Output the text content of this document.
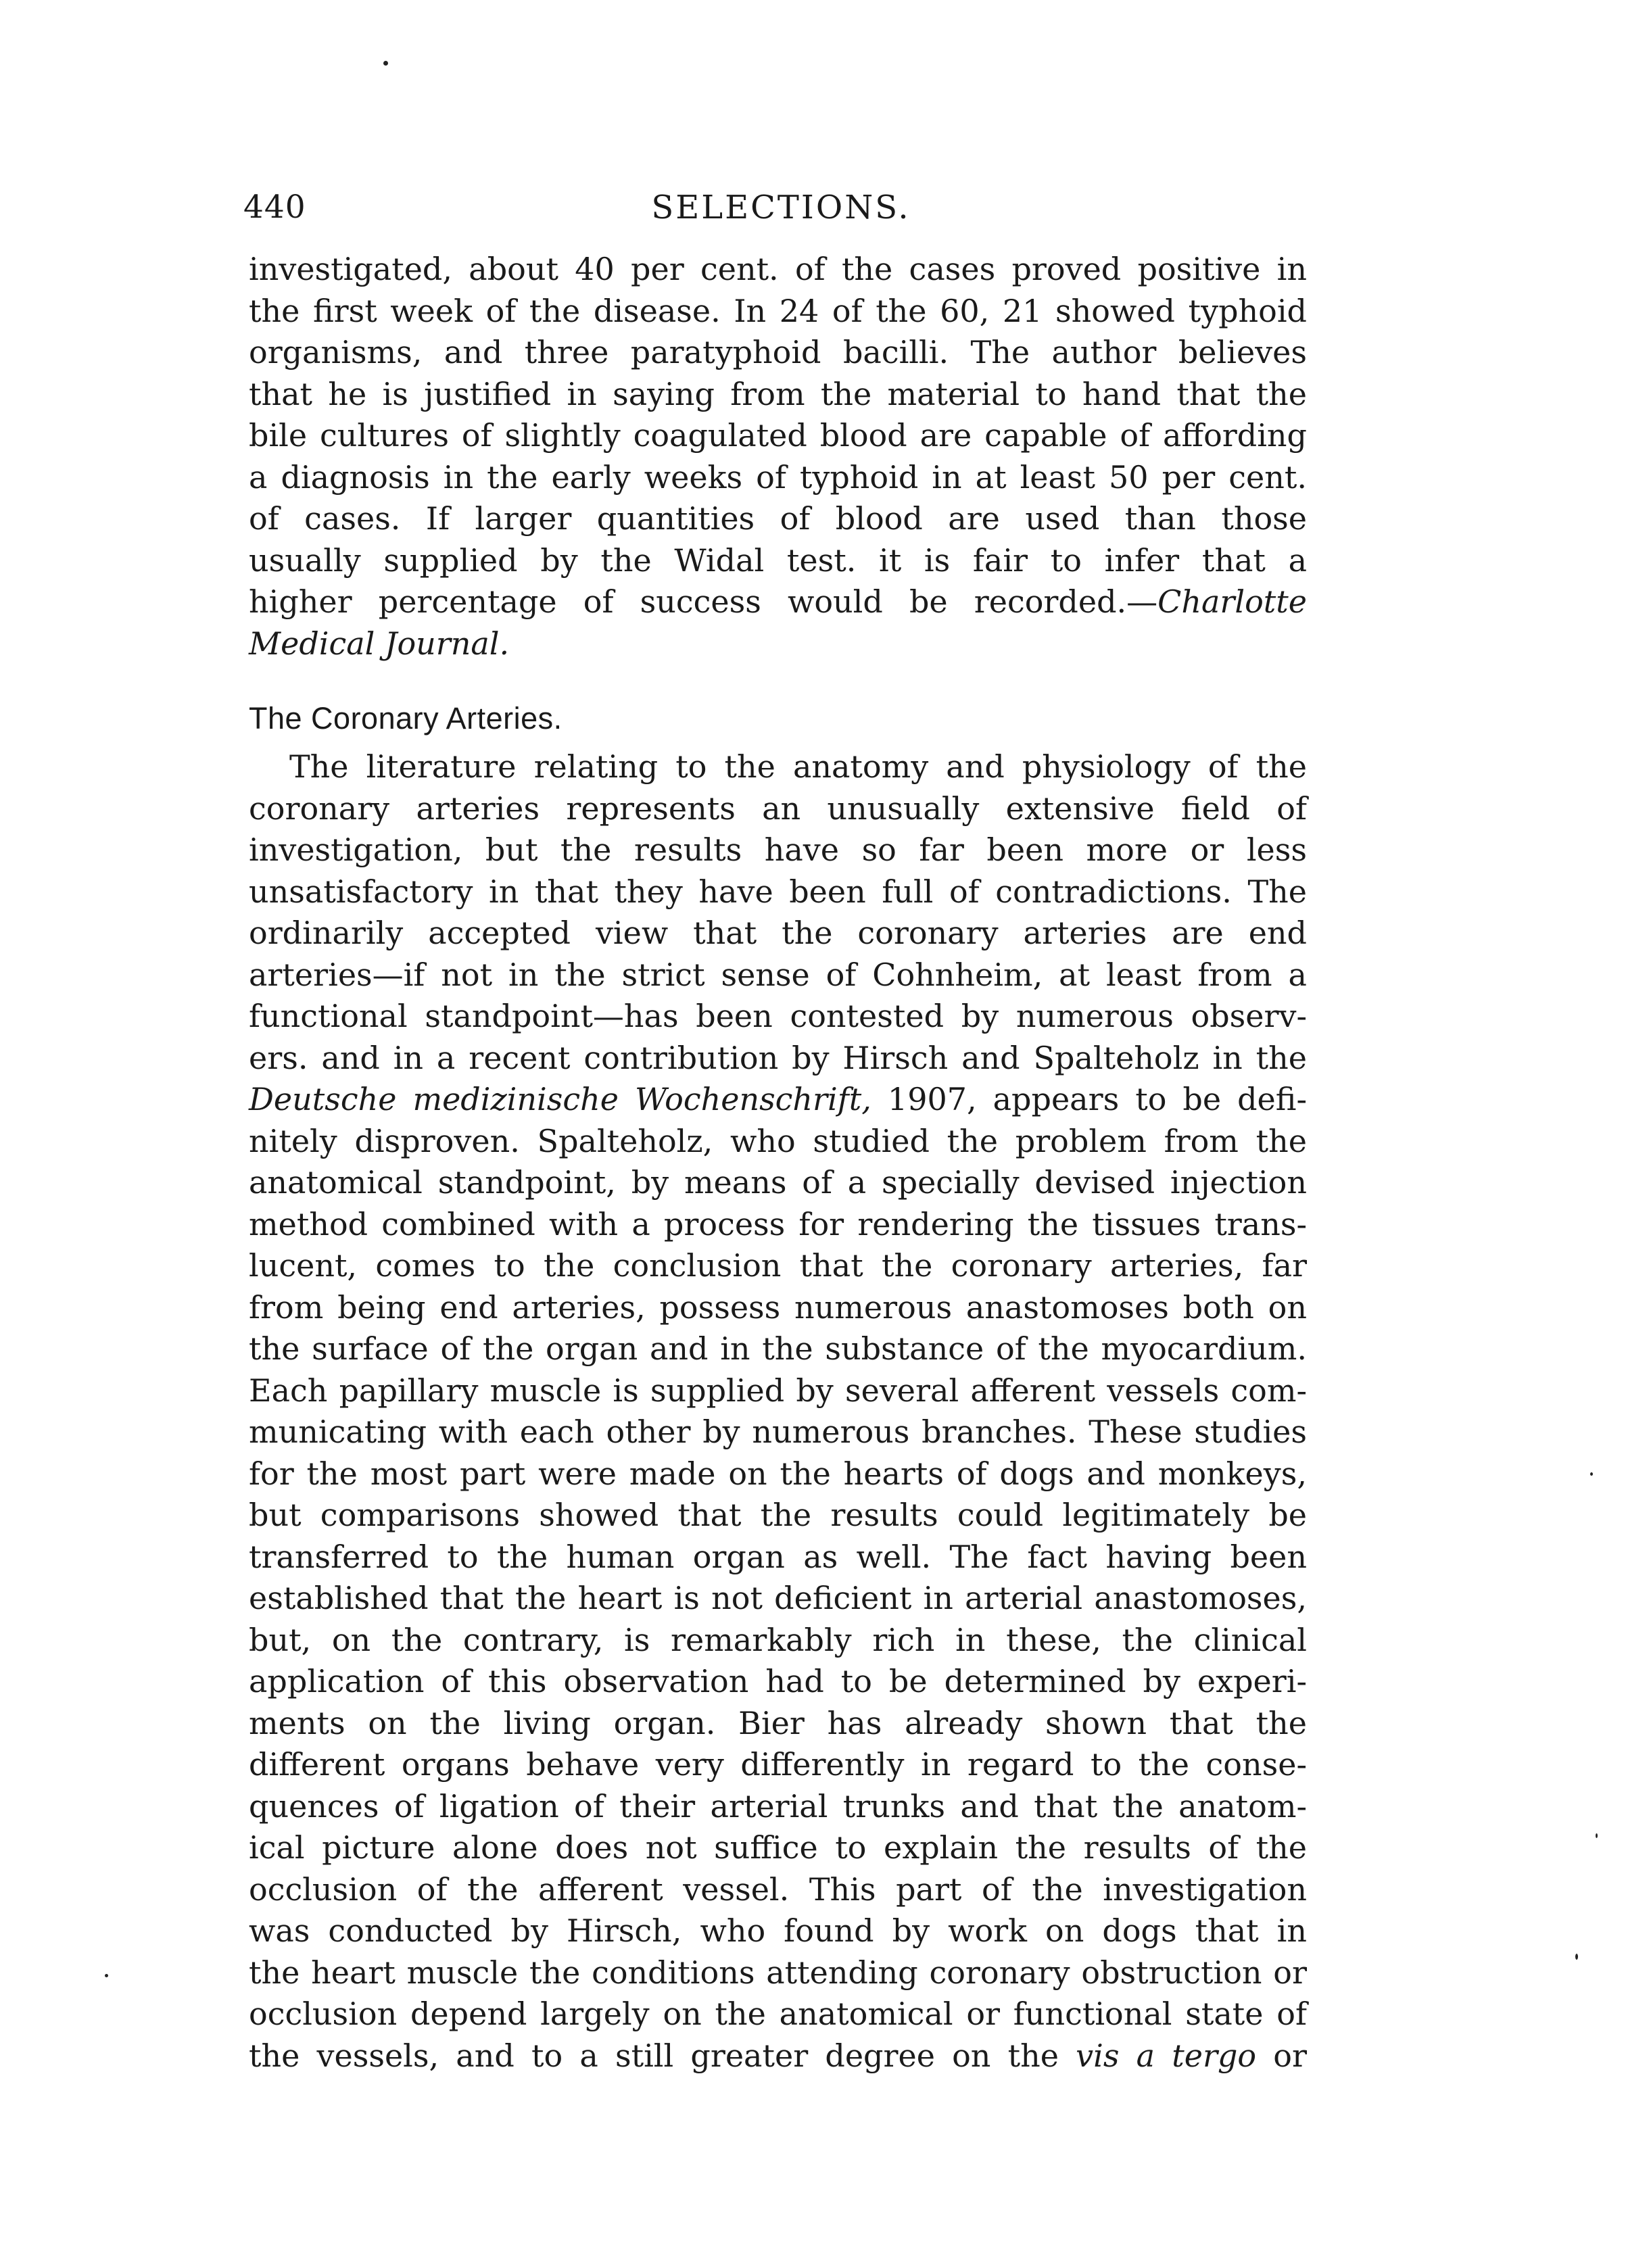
440	SELECTIONS.
investigated, about 40 per cent. of the cases proved positive in
the first week of the disease. In 24 of the 60, 21 showed typhoid
organisms, and three paratyphoid bacilli. The author believes
that he is justified in saying from the material to hand that the
bile cultures of slightly coagulated blood are capable of affording
a diagnosis in the early weeks of typhoid in at least 50 per cent.
of cases. If larger quantities of blood are used than those
usually supplied by the Widal test. it is fair to infer that a
higher percentage of success would be recorded.—Charlotte
Medical Journal.
The Coronary Arteries.
The literature relating to the anatomy and physiology of the
coronary arteries represents an unusually extensive field of
investigation, but the results have so far been more or less
unsatisfactory in that they have been full of contradictions. The
ordinarily accepted view that the coronary arteries are end
arteries—if not in the strict sense of Cohnheim, at least from a
functional standpoint—has been contested by numerous observ-
ers. and in a recent contribution by Hirsch and Spalteholz in the
Deutsche medizinische Wochenschrift, 1907, appears to be defi-
nitely disproven. Spalteholz, who studied the problem from the
anatomical standpoint, by means of a specially devised injection
method combined with a process for rendering the tissues trans-
lucent, comes to the conclusion that the coronary arteries, far
from being end arteries, possess numerous anastomoses both on
the surface of the organ and in the substance of the myocardium.
Each papillary muscle is supplied by several afferent vessels com-
municating with each other by numerous branches. These studies
for the most part were made on the hearts of dogs and monkeys,
but comparisons showed that the results could legitimately be
transferred to the human organ as well. The fact having been
established that the heart is not deficient in arterial anastomoses,
but, on the contrary, is remarkably rich in these, the clinical
application of this observation had to be determined by experi-
ments on the living organ. Bier has already shown that the
different organs behave very differently in regard to the conse-
quences of ligation of their arterial trunks and that the anatom-
ical picture alone does not suffice to explain the results of the
occlusion of the afferent vessel. This part of the investigation
was conducted by Hirsch, who found by work on dogs that in
the heart muscle the conditions attending coronary obstruction or
occlusion depend largely on the anatomical or functional state of
the vessels, and to a still greater degree on the vis a tergo or
